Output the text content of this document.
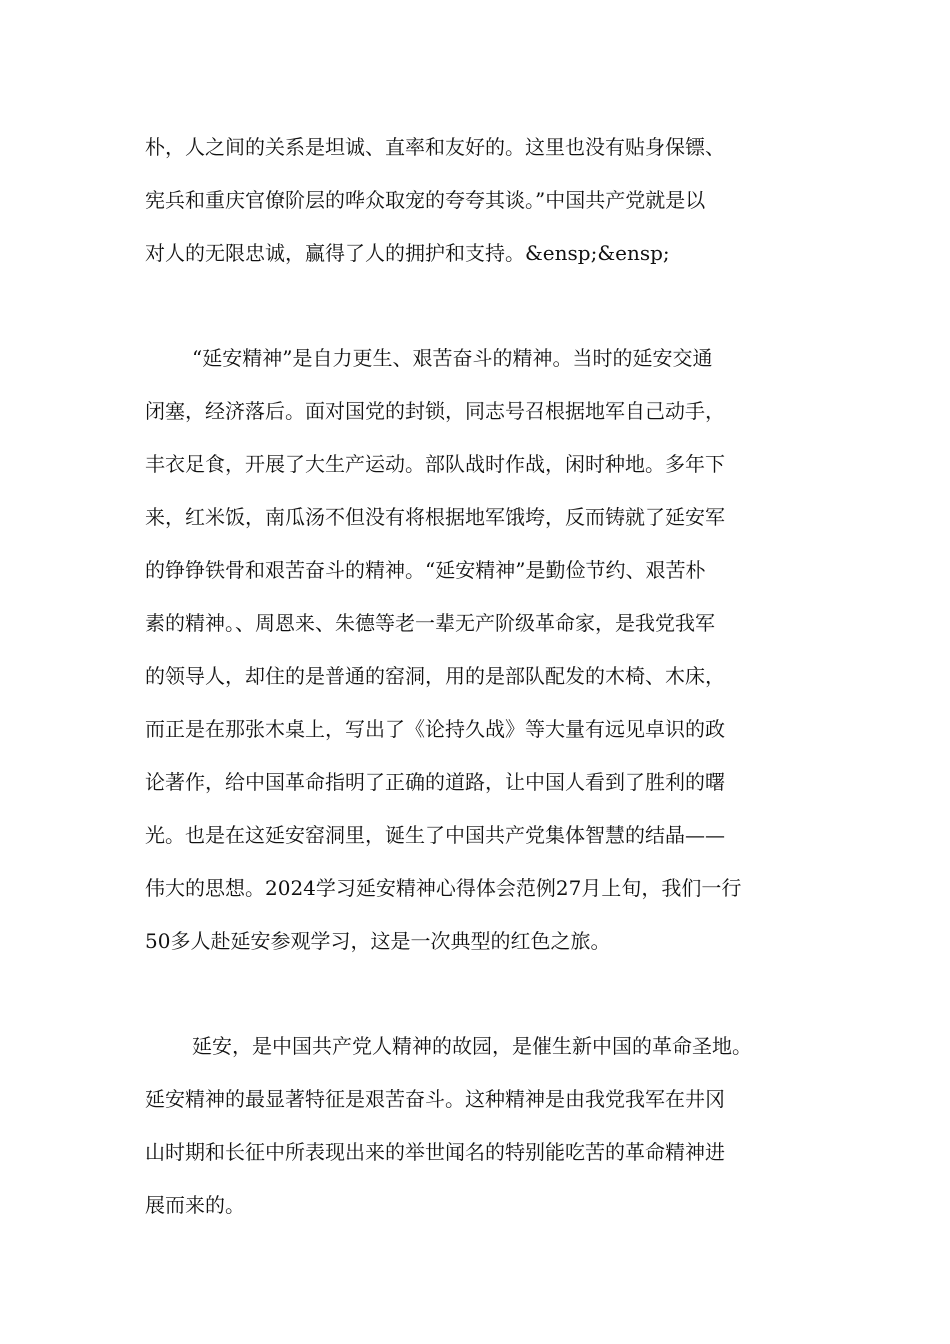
朴，人之间的关系是坦诚、直率和友好的。这里也没有贴身保镖、

宪兵和重庆官僚阶层的哗众取宠的夸夸其谈。”中国共产党就是以

对人的无限忠诚，赢得了人的拥护和支持。&ensp;&ensp;

“延安精神”是自力更生、艰苦奋斗的精神。当时的延安交通

闭塞，经济落后。面对国党的封锁，同志号召根据地军自己动手，

丰衣足食，开展了大生产运动。部队战时作战，闲时种地。多年下

来，红米饭，南瓜汤不但没有将根据地军饿垮，反而铸就了延安军

的铮铮铁骨和艰苦奋斗的精神。“延安精神”是勤俭节约、艰苦朴

素的精神。、周恩来、朱德等老一辈无产阶级革命家，是我党我军

的领导人，却住的是普通的窑洞，用的是部队配发的木椅、木床，

而正是在那张木桌上，写出了《论持久战》等大量有远见卓识的政

论著作，给中国革命指明了正确的道路，让中国人看到了胜利的曙

光。也是在这延安窑洞里，诞生了中国共产党集体智慧的结晶——

伟大的思想。2024学习延安精神心得体会范例27月上旬，我们一行

50多人赴延安参观学习，这是一次典型的红色之旅。

延安，是中国共产党人精神的故园，是催生新中国的革命圣地。

延安精神的最显著特征是艰苦奋斗。这种精神是由我党我军在井冈

山时期和长征中所表现出来的举世闻名的特别能吃苦的革命精神进

展而来的。
